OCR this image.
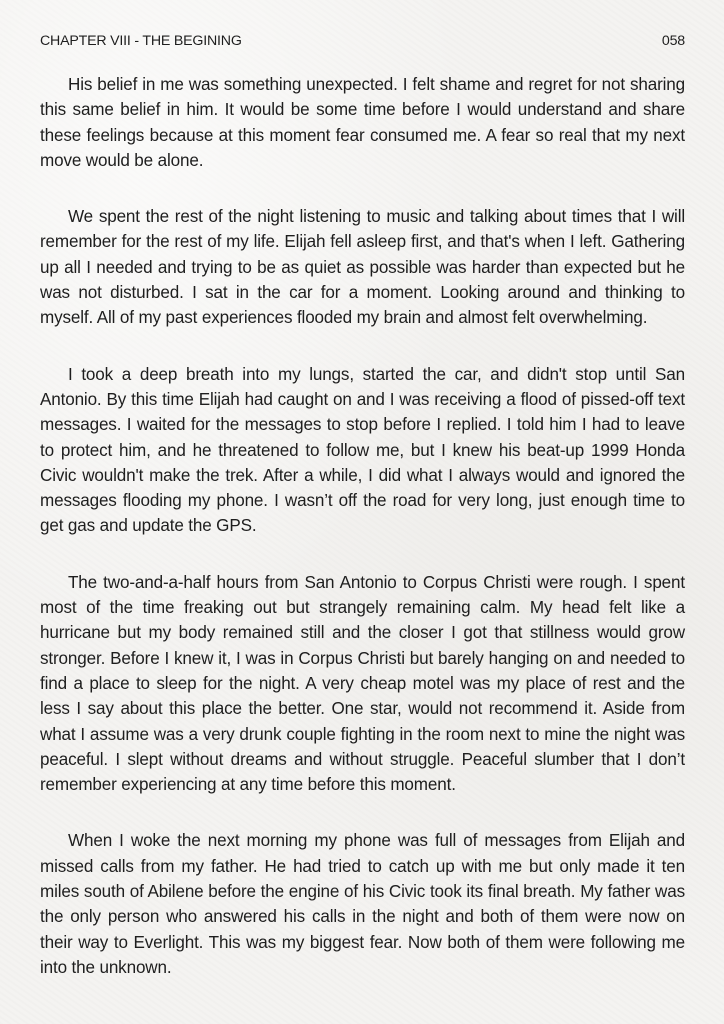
CHAPTER VIII - THE BEGINING	058

His belief in me was something unexpected. I felt shame and regret for not sharing this same belief in him. It would be some time before I would understand and share these feelings because at this moment fear consumed me. A fear so real that my next move would be alone.

We spent the rest of the night listening to music and talking about times that I will remember for the rest of my life. Elijah fell asleep first, and that's when I left. Gathering up all I needed and trying to be as quiet as possible was harder than expected but he was not disturbed. I sat in the car for a moment. Looking around and thinking to myself. All of my past experiences flooded my brain and almost felt overwhelming.

I took a deep breath into my lungs, started the car, and didn't stop until San Antonio. By this time Elijah had caught on and I was receiving a flood of pissed-off text messages. I waited for the messages to stop before I replied. I told him I had to leave to protect him, and he threatened to follow me, but I knew his beat-up 1999 Honda Civic wouldn't make the trek. After a while, I did what I always would and ignored the messages flooding my phone. I wasn’t off the road for very long, just enough time to get gas and update the GPS.

The two-and-a-half hours from San Antonio to Corpus Christi were rough. I spent most of the time freaking out but strangely remaining calm. My head felt like a hurricane but my body remained still and the closer I got that stillness would grow stronger. Before I knew it, I was in Corpus Christi but barely hanging on and needed to find a place to sleep for the night. A very cheap motel was my place of rest and the less I say about this place the better. One star, would not recommend it. Aside from what I assume was a very drunk couple fighting in the room next to mine the night was peaceful. I slept without dreams and without struggle. Peaceful slumber that I don’t remember experiencing at any time before this moment.

When I woke the next morning my phone was full of messages from Elijah and missed calls from my father. He had tried to catch up with me but only made it ten miles south of Abilene before the engine of his Civic took its final breath. My father was the only person who answered his calls in the night and both of them were now on their way to Everlight. This was my biggest fear. Now both of them were following me into the unknown.
